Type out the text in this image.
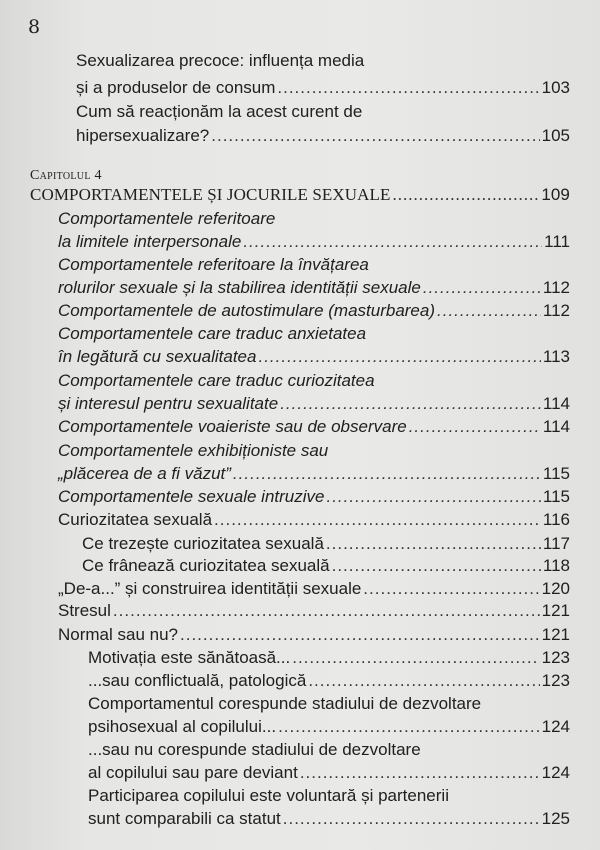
8
Sexualizarea precoce: influența media
și a produselor de consum .....	103
Cum să reacționăm la acest curent de
hipersexualizare? .....	105
Capitolul 4
COMPORTAMENTELE ȘI JOCURILE SEXUALE .....	109
Comportamentele referitoare
la limitele interpersonale .....	111
Comportamentele referitoare la învățarea
rolurilor sexuale și la stabilirea identității sexuale .....	112
Comportamentele de autostimulare (masturbarea) .....	112
Comportamentele care traduc anxietatea
în legătură cu sexualitatea .....	113
Comportamentele care traduc curiozitatea
și interesul pentru sexualitate .....	114
Comportamentele voaieriste sau de observare .....	114
Comportamentele exhibiționiste sau
„plăcerea de a fi văzut” .....	115
Comportamentele sexuale intruzive .....	115
Curiozitatea sexuală .....	116
Ce trezește curiozitatea sexuală .....	117
Ce frânează curiozitatea sexuală .....	118
„De-a...” și construirea identității sexuale .....	120
Stresul .....	121
Normal sau nu? .....	121
Motivația este sănătoasă... .....	123
...sau conflictuală, patologică .....	123
Comportamentul corespunde stadiului de dezvoltare
psihosexual al copilului... .....	124
...sau nu corespunde stadiului de dezvoltare
al copilului sau pare deviant .....	124
Participarea copilului este voluntară și partenerii
sunt comparabili ca statut .....	125
